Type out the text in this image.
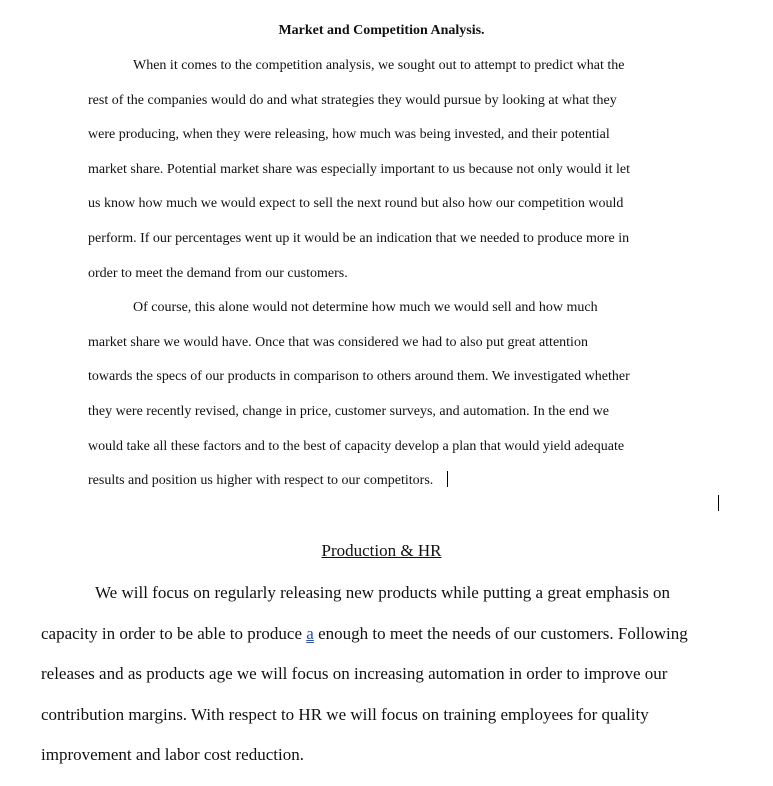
Market and Competition Analysis.

When it comes to the competition analysis, we sought out to attempt to predict what the
rest of the companies would do and what strategies they would pursue by looking at what they
were producing, when they were releasing, how much was being invested, and their potential
market share. Potential market share was especially important to us because not only would it let
us know how much we would expect to sell the next round but also how our competition would
perform. If our percentages went up it would be an indication that we needed to produce more in
order to meet the demand from our customers.

Of course, this alone would not determine how much we would sell and how much
market share we would have. Once that was considered we had to also put great attention
towards the specs of our products in comparison to others around them. We investigated whether
they were recently revised, change in price, customer surveys, and automation. In the end we
would take all these factors and to the best of capacity develop a plan that would yield adequate
results and position us higher with respect to our competitors.

Production & HR

We will focus on regularly releasing new products while putting a great emphasis on
capacity in order to be able to produce a enough to meet the needs of our customers. Following
releases and as products age we will focus on increasing automation in order to improve our
contribution margins. With respect to HR we will focus on training employees for quality
improvement and labor cost reduction.
